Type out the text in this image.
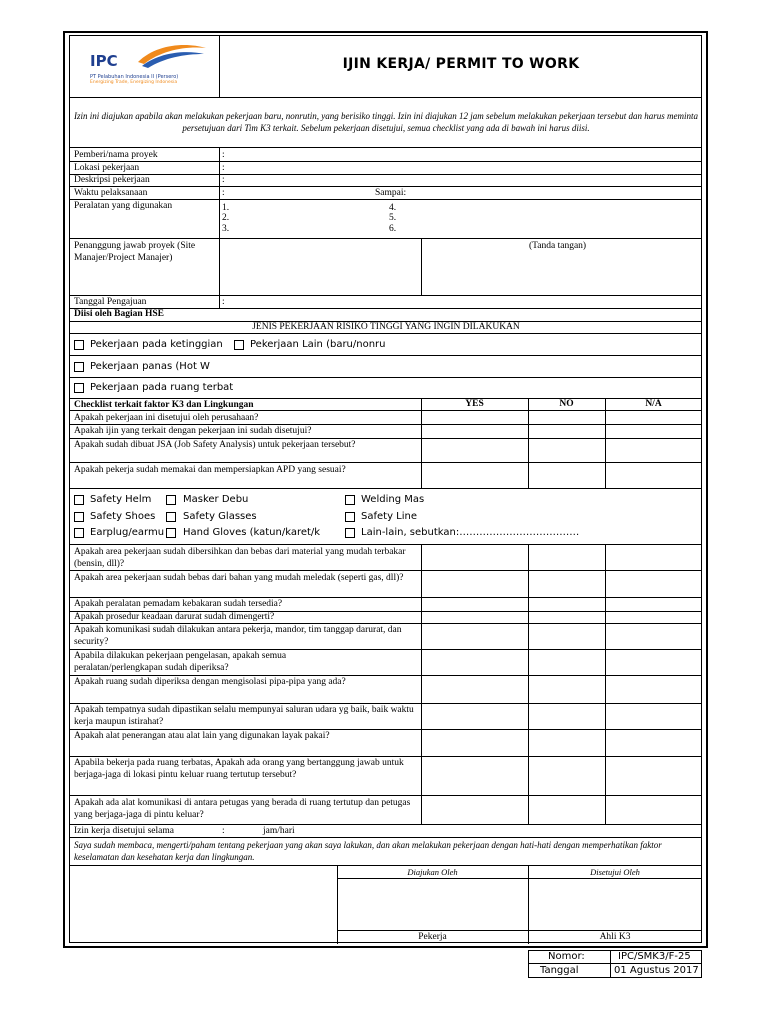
IPC
PT Pelabuhan Indonesia II (Persero)
Energizing Trade, Energizing Indonesia
IJIN KERJA/ PERMIT TO WORK
Izin ini diajukan apabila akan melakukan pekerjaan baru, nonrutin, yang berisiko tinggi. Izin ini diajukan 12 jam sebelum melakukan pekerjaan tersebut dan harus meminta persetujuan dari Tim K3 terkait. Sebelum pekerjaan disetujui, semua checklist yang ada di bawah ini harus diisi.
Pemberi/nama proyek	:
Lokasi pekerjaan	:
Deskripsi pekerjaan	:
Waktu pelaksanaan	:	Sampai:
Peralatan yang digunakan	1.
2.
3.
4.
5.
6.
Penanggung jawab proyek (Site Manajer/Project Manajer)
(Tanda tangan)
Tanggal Pengajuan	:
Diisi oleh Bagian HSE
JENIS PEKERJAAN RISIKO TINGGI YANG INGIN DILAKUKAN
Pekerjaan pada ketinggian	Pekerjaan Lain (baru/nonru
Pekerjaan panas (Hot W
Pekerjaan pada ruang terbat
Checklist terkait faktor K3 dan Lingkungan	YES	NO	N/A
Apakah pekerjaan ini disetujui oleh perusahaan?
Apakah ijin yang terkait dengan pekerjaan ini sudah disetujui?
Apakah sudah dibuat JSA (Job Safety Analysis) untuk pekerjaan tersebut?
Apakah pekerja sudah memakai dan mempersiapkan APD yang sesuai?
Safety Helm	Masker Debu	Welding Mas
Safety Shoes	Safety Glasses	Safety Line
Earplug/earmu Hand Gloves (katun/karet/k	Lain-lain, sebutkan:………………………………
Apakah area pekerjaan sudah dibersihkan dan bebas dari material yang mudah terbakar (bensin, dll)?
Apakah area pekerjaan sudah bebas dari bahan yang mudah meledak (seperti gas, dll)?
Apakah peralatan pemadam kebakaran sudah tersedia?
Apakah prosedur keadaan darurat sudah dimengerti?
Apakah komunikasi sudah dilakukan antara pekerja, mandor, tim tanggap darurat, dan security?
Apabila dilakukan pekerjaan pengelasan, apakah semua peralatan/perlengkapan sudah diperiksa?
Apakah ruang sudah diperiksa dengan mengisolasi pipa-pipa yang ada?
Apakah tempatnya sudah dipastikan selalu mempunyai saluran udara yg baik, baik waktu kerja maupun istirahat?
Apakah alat penerangan atau alat lain yang digunakan layak pakai?
Apabila bekerja pada ruang terbatas, Apakah ada orang yang bertanggung jawab untuk berjaga-jaga di lokasi pintu keluar ruang tertutup tersebut?
Apakah ada alat komunikasi di antara petugas yang berada di ruang tertutup dan petugas yang berjaga-jaga di pintu keluar?
Izin kerja disetujui selama	:	jam/hari
Saya sudah membaca, mengerti/paham tentang pekerjaan yang akan saya lakukan, dan akan melakukan pekerjaan dengan hati-hati dengan memperhatikan faktor keselamatan dan kesehatan kerja dan lingkungan.
Diajukan Oleh	Disetujui Oleh
Pekerja	Ahli K3
Nomor:	IPC/SMK3/F-25
Tanggal	01 Agustus 2017
